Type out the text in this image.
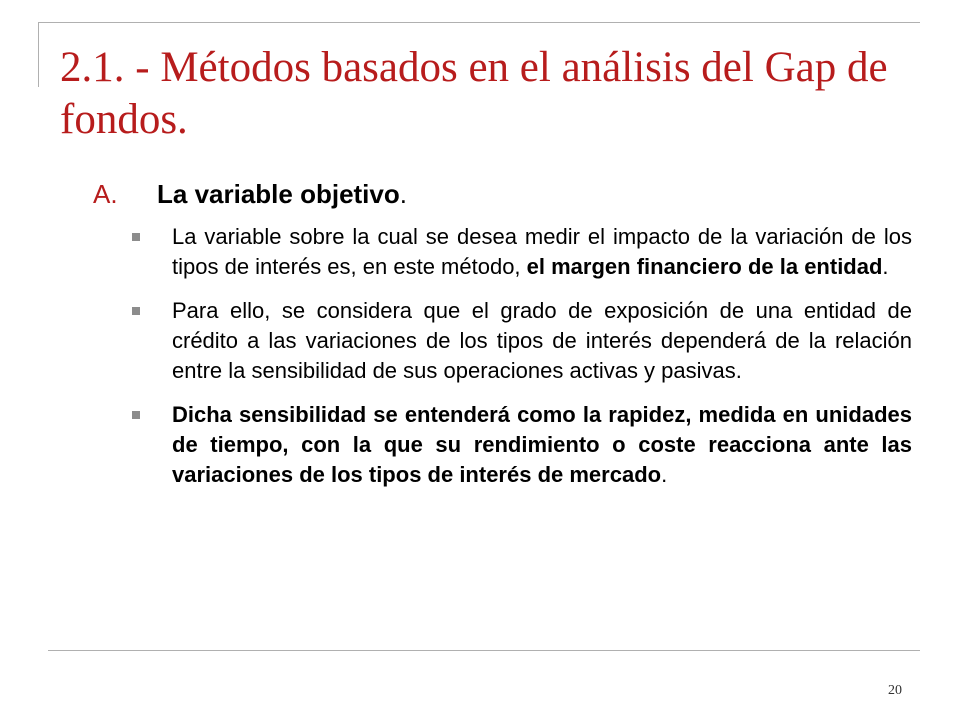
2.1. - Métodos basados en el análisis del Gap de fondos.
A. La variable objetivo.
La variable sobre la cual se desea medir el impacto de la variación de los tipos de interés es, en este método, el margen financiero de la entidad.
Para ello, se considera que el grado de exposición de una entidad de crédito a las variaciones de los tipos de interés dependerá de la relación entre la sensibilidad de sus operaciones activas y pasivas.
Dicha sensibilidad se entenderá como la rapidez, medida en unidades de tiempo, con la que su rendimiento o coste reacciona ante las variaciones de los tipos de interés de mercado.
20
